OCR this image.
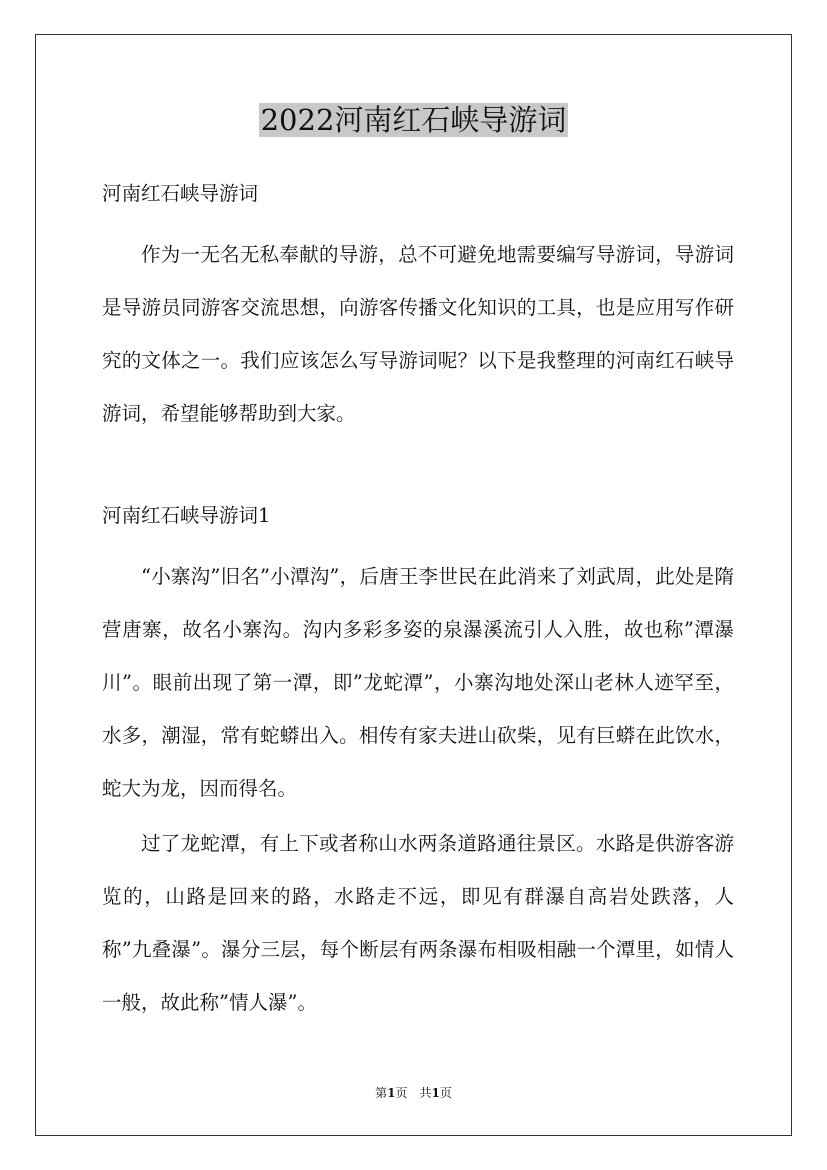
2022河南红石峡导游词

河南红石峡导游词

作为一无名无私奉献的导游，总不可避免地需要编写导游词，导游词是导游员同游客交流思想，向游客传播文化知识的工具，也是应用写作研究的文体之一。我们应该怎么写导游词呢？以下是我整理的河南红石峡导游词，希望能够帮助到大家。

河南红石峡导游词1

“小寨沟”旧名”小潭沟”，后唐王李世民在此消来了刘武周，此处是隋营唐寨，故名小寨沟。沟内多彩多姿的泉瀑溪流引人入胜，故也称”潭瀑川”。眼前出现了第一潭，即”龙蛇潭”，小寨沟地处深山老林人迹罕至，水多，潮湿，常有蛇蟒出入。相传有家夫进山砍柴，见有巨蟒在此饮水，蛇大为龙，因而得名。

过了龙蛇潭，有上下或者称山水两条道路通往景区。水路是供游客游览的，山路是回来的路，水路走不远，即见有群瀑自高岩处跌落，人称”九叠瀑”。瀑分三层，每个断层有两条瀑布相吸相融一个潭里，如情人一般，故此称”情人瀑”。

第1页 共1页
